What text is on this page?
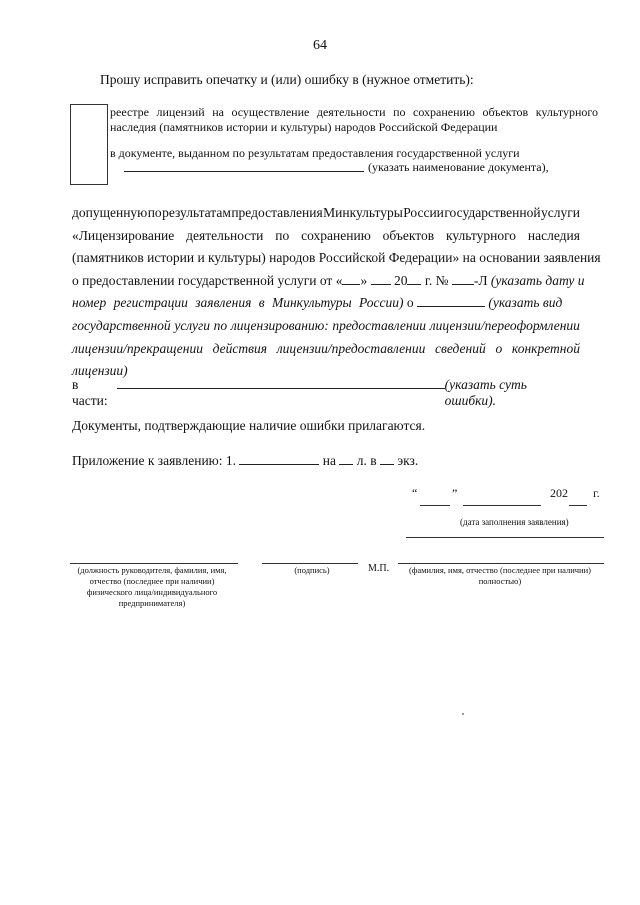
64
Прошу исправить опечатку и (или) ошибку в (нужное отметить):
реестре лицензий на осуществление деятельности по сохранению объектов культурного наследия (памятников истории и культуры) народов Российской Федерации
в документе, выданном по результатам предоставления государственной услуги
(указать наименование документа),
допущенную по результатам предоставления Минкультуры России государственной услуги
«Лицензирование деятельности по сохранению объектов культурного наследия
(памятников истории и культуры) народов Российской Федерации» на основании заявления
о предоставлении государственной услуги от « »  20 г. № -Л (указать дату и
номер регистрации заявления в Минкультуры России) о	(указать вид
государственной услуги по лицензированию: предоставлении лицензии/переоформлении
лицензии/прекращении действия лицензии/предоставлении сведений о конкретной
лицензии)
в части:
(указать суть ошибки).
Документы, подтверждающие наличие ошибки прилагаются.
Приложение к заявлению: 1.	на  л. в  экз.
“	”	202 г.
(дата заполнения заявления)
(должность руководителя, фамилия, имя, отчество (последнее при наличии) физического лица/индивидуального предпринимателя)
(подпись)	М.П.	(фамилия, имя, отчество (последнее при наличии) полностью)
